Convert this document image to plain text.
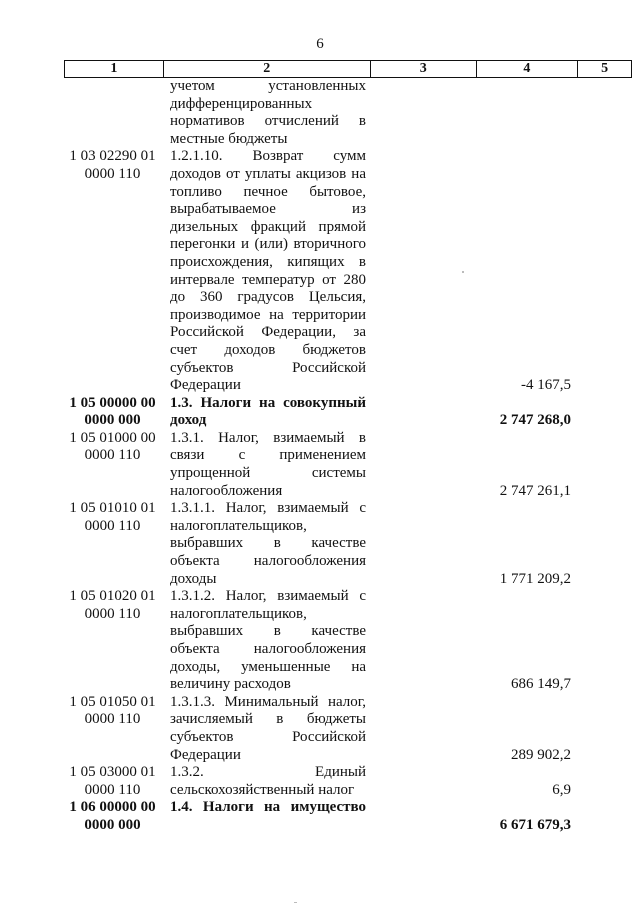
6
1	2	3	4	5
учетом установленных
дифференцированных
нормативов отчислений в
местные бюджеты
1 03 02290 01
0000 110
1.2.1.10. Возврат сумм
доходов от уплаты акцизов на
топливо печное бытовое,
вырабатываемое из
дизельных фракций прямой
перегонки и (или) вторичного
происхождения, кипящих в
интервале температур от 280
до 360 градусов Цельсия,
производимое на территории
Российской Федерации, за
счет доходов бюджетов
субъектов Российской
Федерации	-4 167,5
1 05 00000 00
0000 000
1.3. Налоги на совокупный
доход	2 747 268,0
1 05 01000 00
0000 110
1.3.1. Налог, взимаемый в
связи с применением
упрощенной системы
налогообложения	2 747 261,1
1 05 01010 01
0000 110
1.3.1.1. Налог, взимаемый с
налогоплательщиков,
выбравших в качестве
объекта налогообложения
доходы	1 771 209,2
1 05 01020 01
0000 110
1.3.1.2. Налог, взимаемый с
налогоплательщиков,
выбравших в качестве
объекта налогообложения
доходы, уменьшенные на
величину расходов	686 149,7
1 05 01050 01
0000 110
1.3.1.3. Минимальный налог,
зачисляемый в бюджеты
субъектов Российской
Федерации	289 902,2
1 05 03000 01
0000 110
1.3.2. Единый
сельскохозяйственный налог	6,9
1 06 00000 00
0000 000
1.4. Налоги на имущество
6 671 679,3
